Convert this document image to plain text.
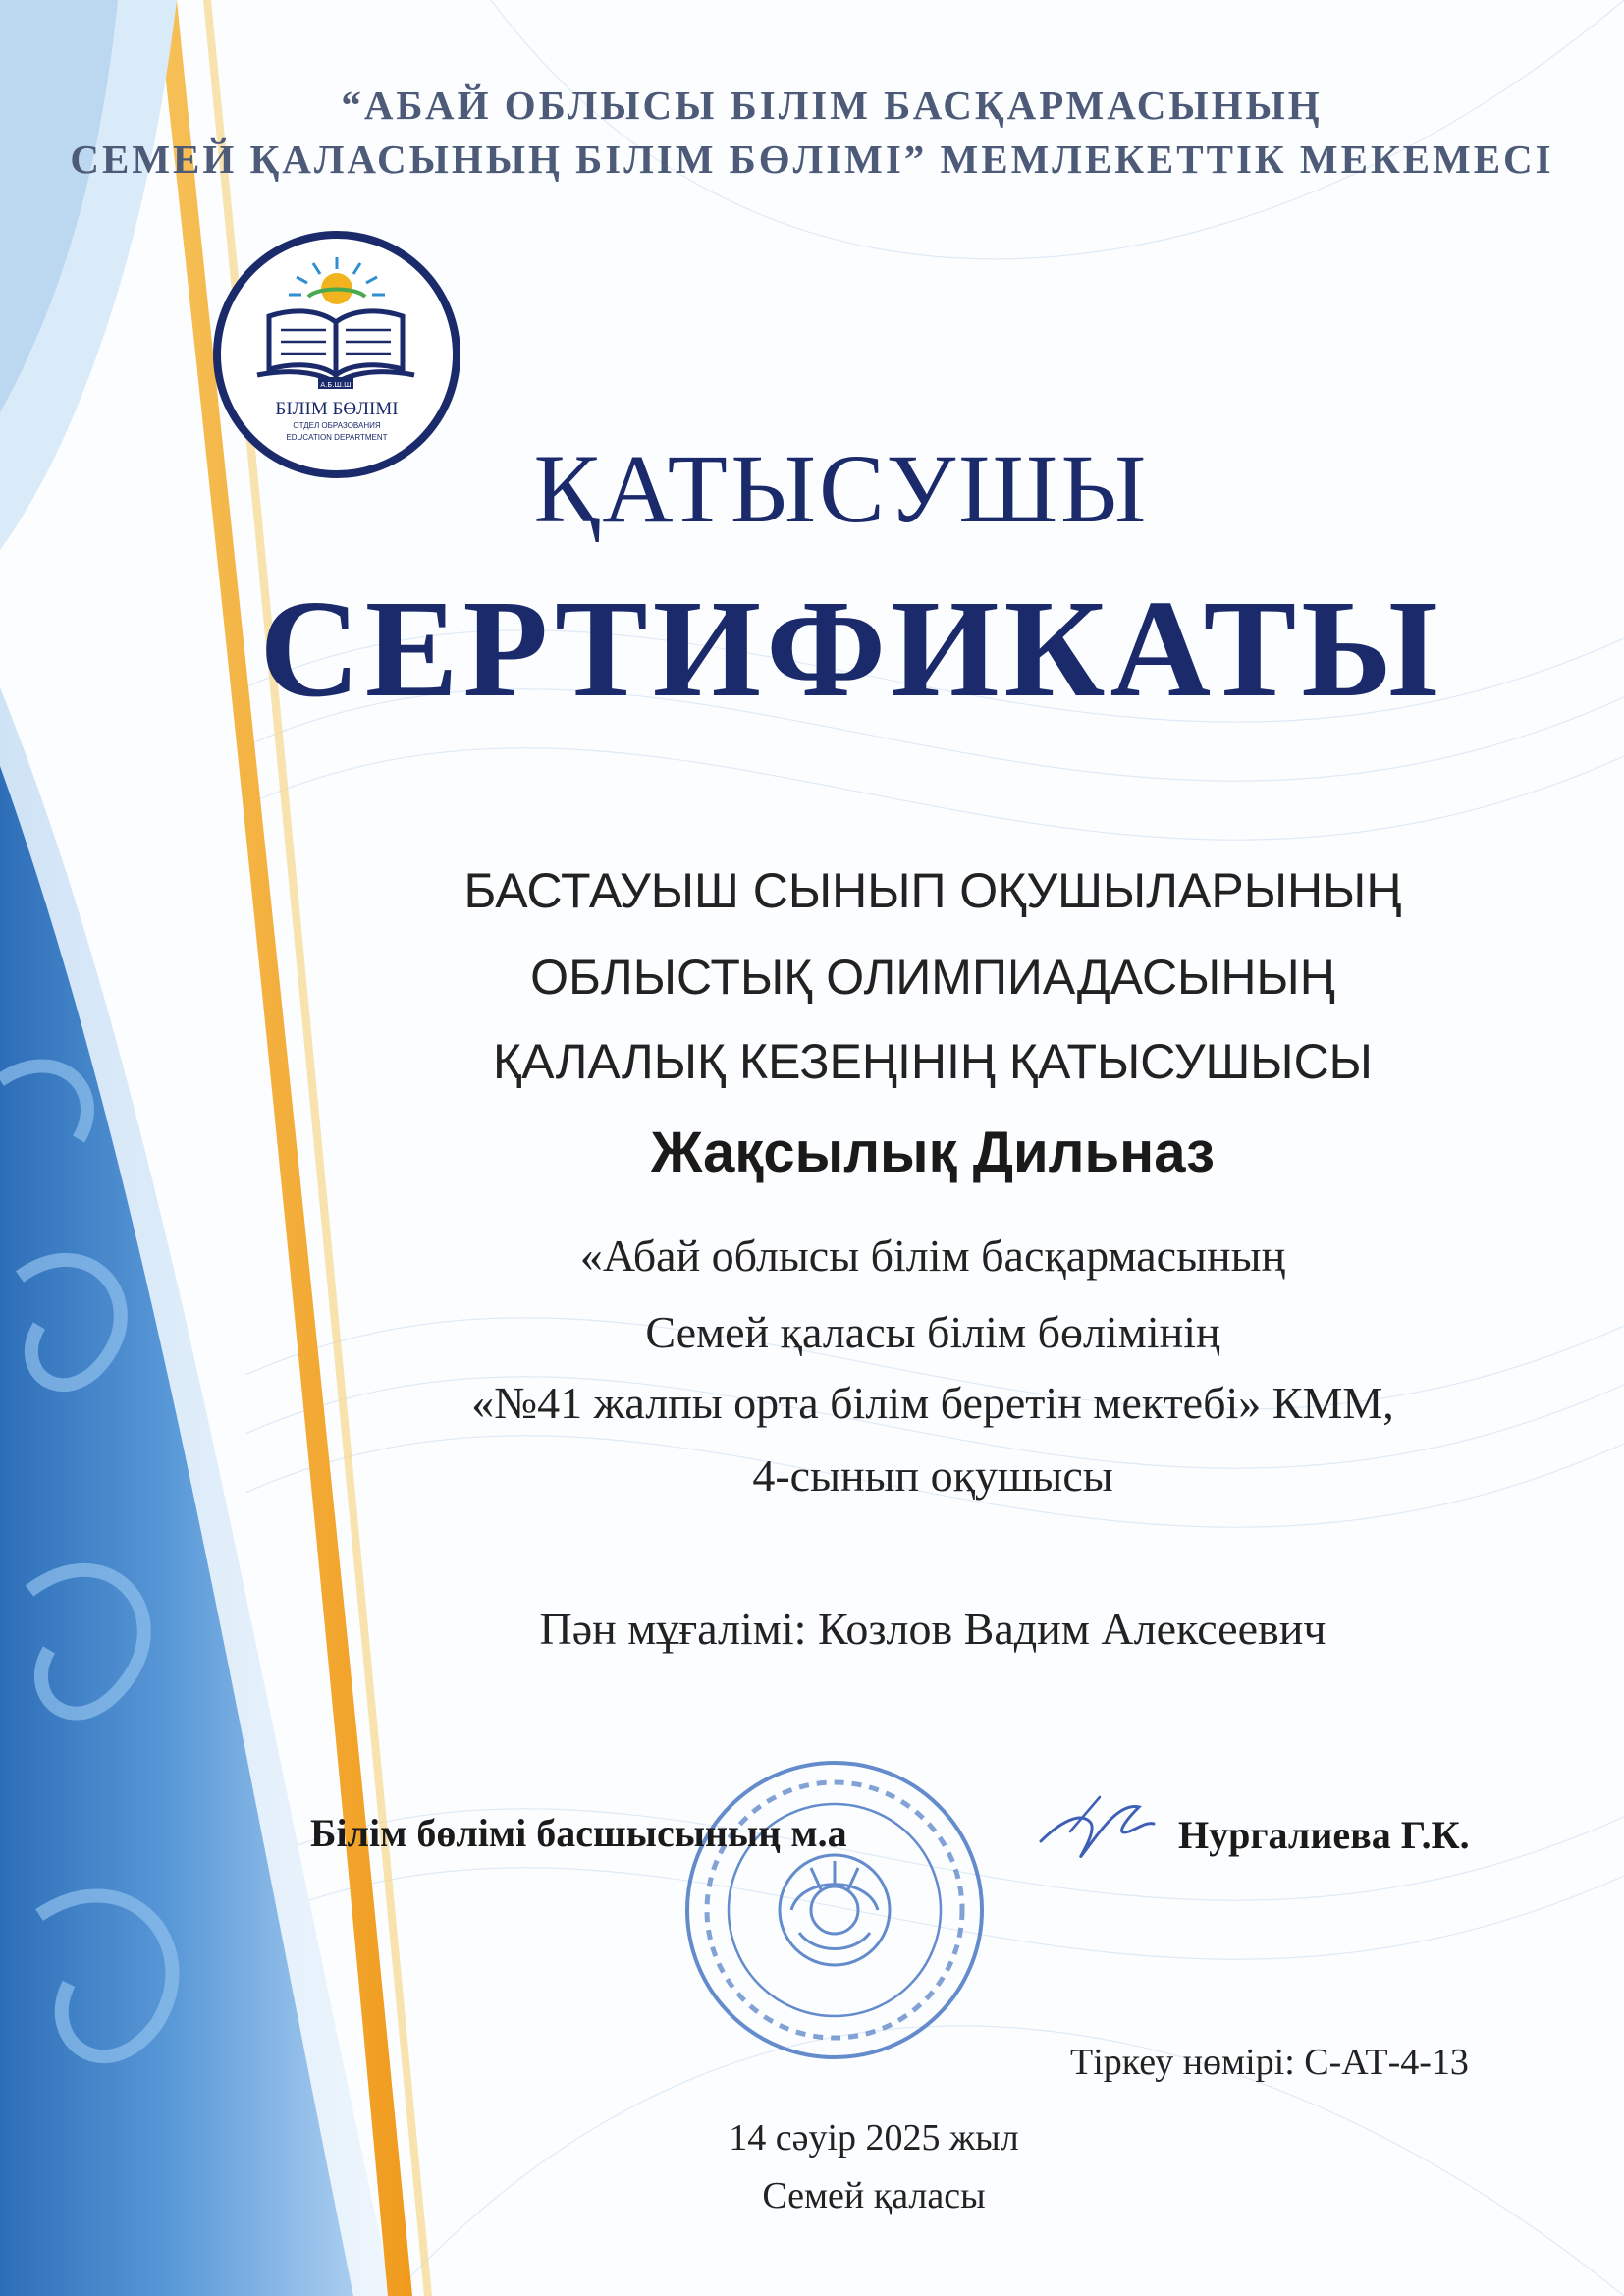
“АБАЙ ОБЛЫСЫ БІЛІМ БАСҚАРМАСЫНЫҢ
СЕМЕЙ ҚАЛАСЫНЫҢ БІЛІМ БӨЛІМІ” МЕМЛЕКЕТТІК МЕКЕМЕСІ
А.Б.Ш.Ш
БІЛІМ БӨЛІМІ
ОТДЕЛ ОБРАЗОВАНИЯ
EDUCATION DEPARTMENT	ҚАТЫСУШЫ
СЕРТИФИКАТЫ
БАСТАУЫШ СЫНЫП ОҚУШЫЛАРЫНЫҢ
ОБЛЫСТЫҚ ОЛИМПИАДАСЫНЫҢ
ҚАЛАЛЫҚ КЕЗЕҢІНІҢ ҚАТЫСУШЫСЫ
Жақсылық Дильназ
«Абай облысы білім басқармасының
Семей қаласы білім бөлімінің
«№41 жалпы орта білім беретін мектебі» КММ,
4-сынып оқушысы
Пән мұғалімі: Козлов Вадим Алексеевич
Білім бөлімі басшысының м.а	Нургалиева Г.К.
Тіркеу нөмірі: С-АТ-4-13
14 сәуір 2025 жыл
Семей қаласы
